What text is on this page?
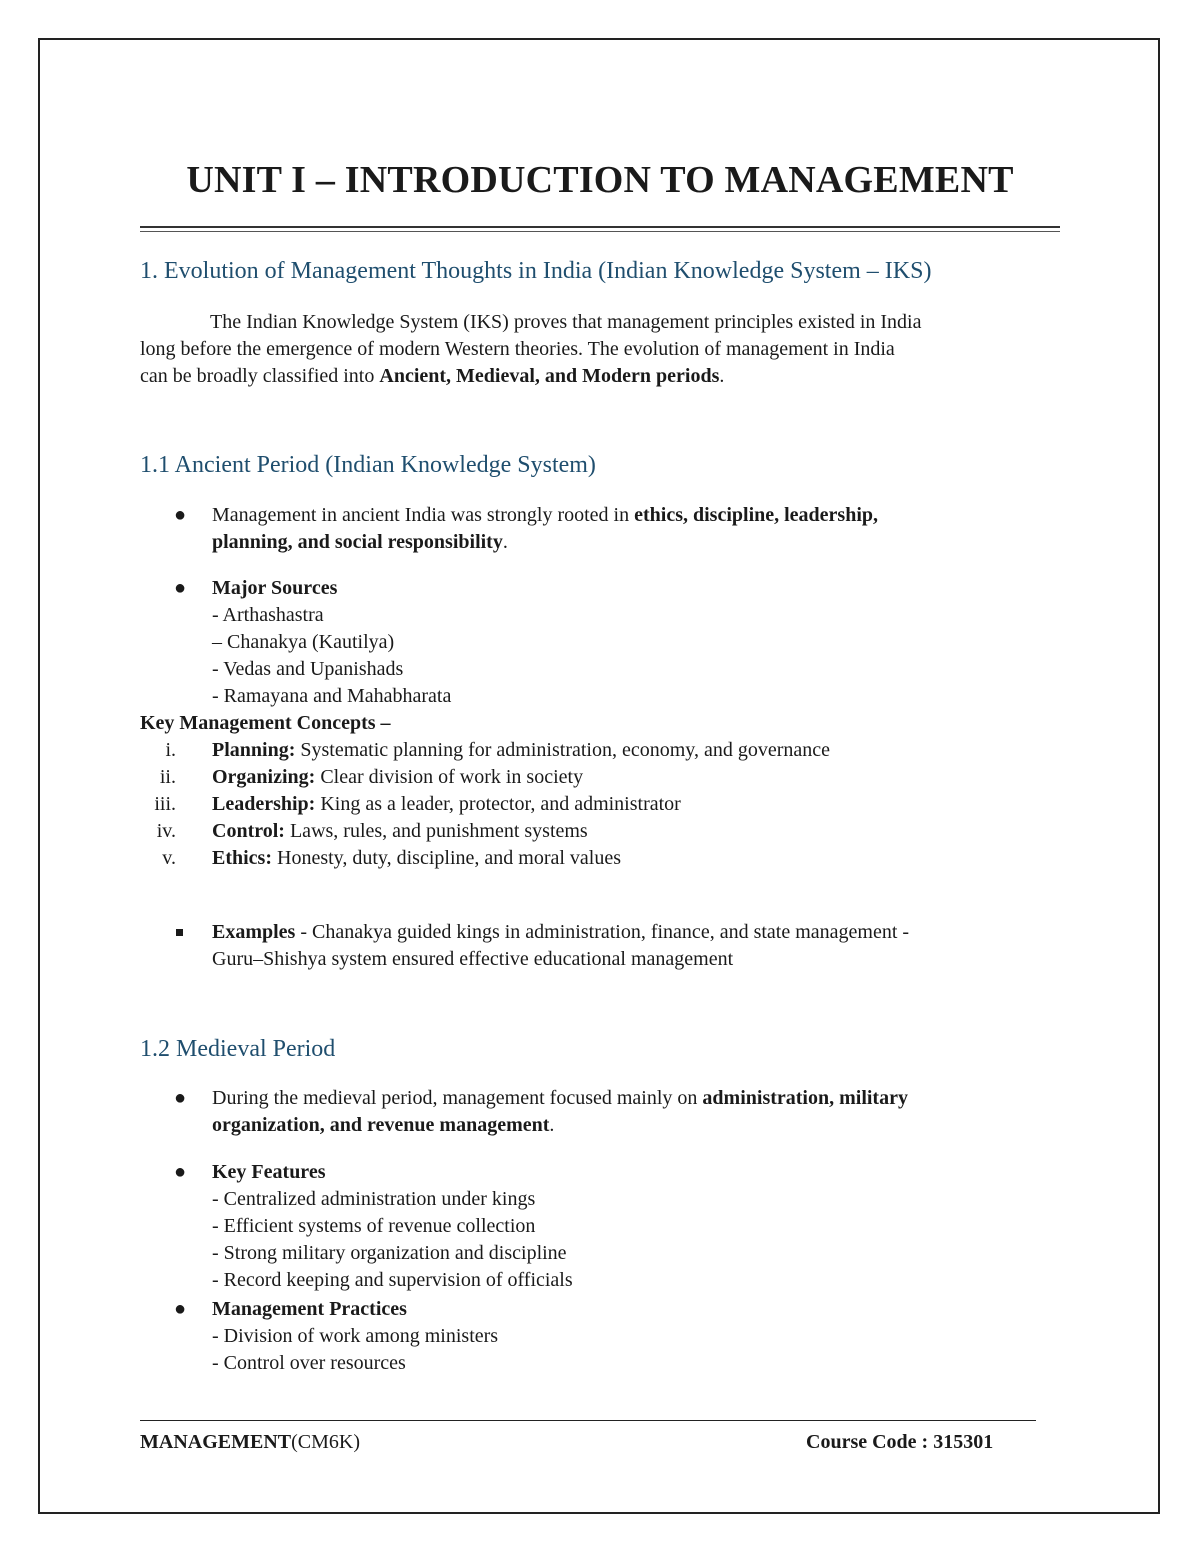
UNIT I – INTRODUCTION TO MANAGEMENT
1. Evolution of Management Thoughts in India (Indian Knowledge System – IKS)

The Indian Knowledge System (IKS) proves that management principles existed in India
long before the emergence of modern Western theories. The evolution of management in India
can be broadly classified into Ancient, Medieval, and Modern periods.

1.1 Ancient Period (Indian Knowledge System)
● Management in ancient India was strongly rooted in ethics, discipline, leadership,
planning, and social responsibility.
● Major Sources
- Arthashastra
– Chanakya (Kautilya)
- Vedas and Upanishads
- Ramayana and Mahabharata
Key Management Concepts –
i. Planning: Systematic planning for administration, economy, and governance
ii. Organizing: Clear division of work in society
iii. Leadership: King as a leader, protector, and administrator
iv. Control: Laws, rules, and punishment systems
v. Ethics: Honesty, duty, discipline, and moral values
Examples - Chanakya guided kings in administration, finance, and state management -
Guru–Shishya system ensured effective educational management
1.2 Medieval Period
● During the medieval period, management focused mainly on administration, military
organization, and revenue management.
● Key Features
- Centralized administration under kings
- Efficient systems of revenue collection
- Strong military organization and discipline
- Record keeping and supervision of officials
● Management Practices
- Division of work among ministers
- Control over resources
MANAGEMENT(CM6K)	Course Code : 315301
